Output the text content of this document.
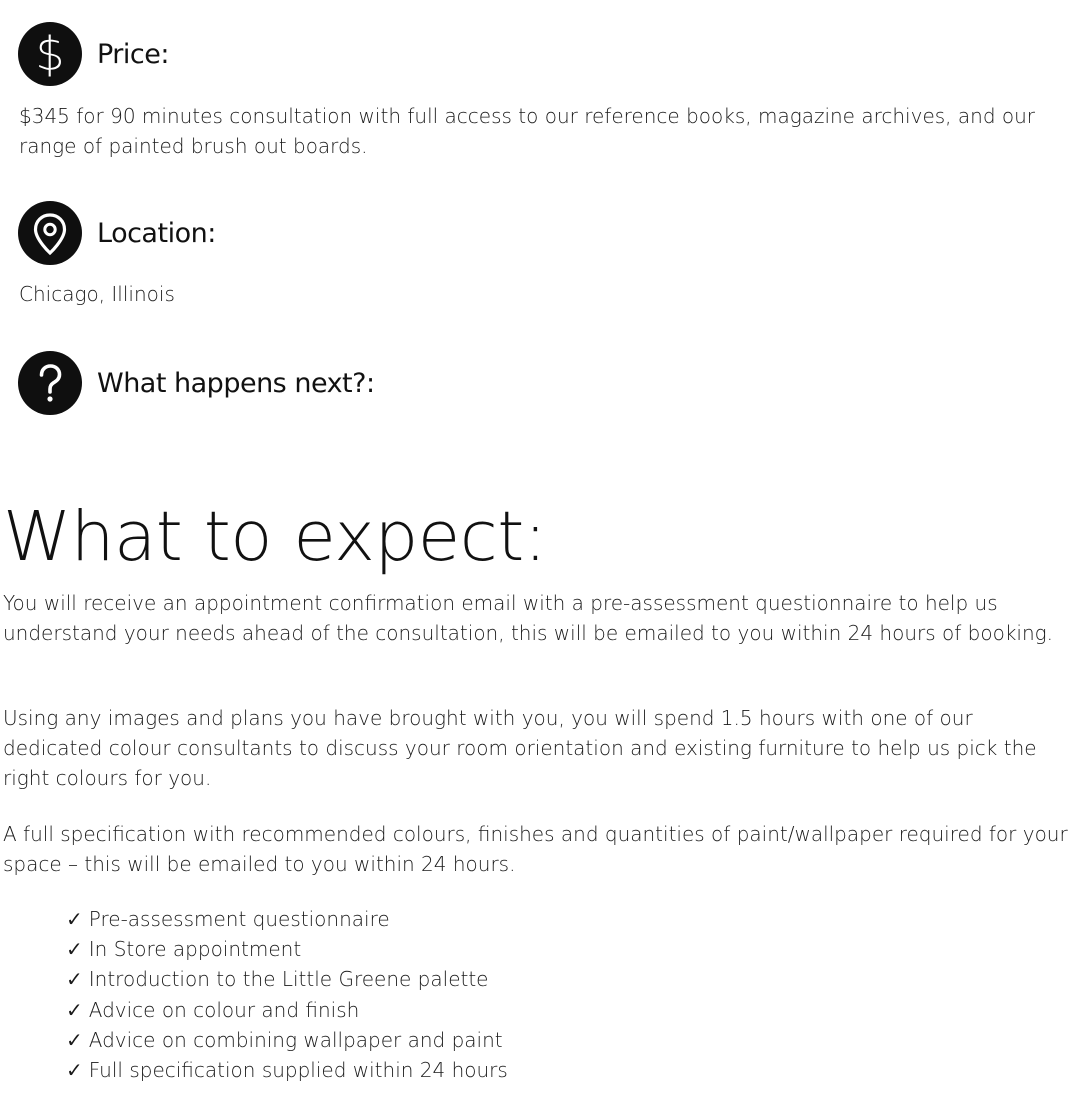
$ Price:

$345 for 90 minutes consultation with full access to our reference books, magazine archives, and our range of painted brush out boards.

Location:

Chicago, Illinois

What happens next?:
What to expect:

You will receive an appointment confirmation email with a pre-assessment questionnaire to help us understand your needs ahead of the consultation, this will be emailed to you within 24 hours of booking.

Using any images and plans you have brought with you, you will spend 1.5 hours with one of our dedicated colour consultants to discuss your room orientation and existing furniture to help us pick the right colours for you.

A full specification with recommended colours, finishes and quantities of paint/wallpaper required for your space – this will be emailed to you within 24 hours.

✓ Pre-assessment questionnaire
✓ In Store appointment
✓ Introduction to the Little Greene palette
✓ Advice on colour and finish
✓ Advice on combining wallpaper and paint
✓ Full specification supplied within 24 hours
